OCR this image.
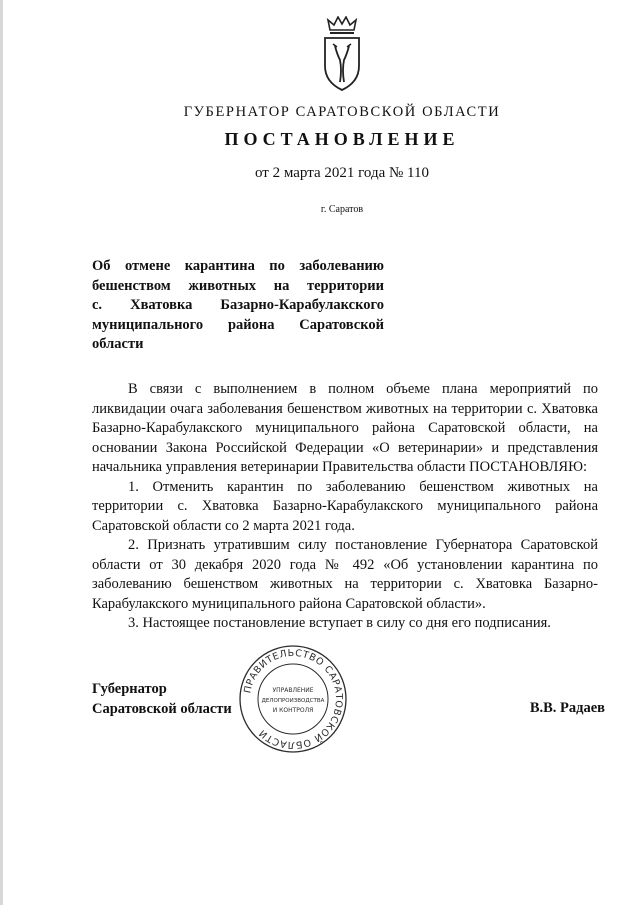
ГУБЕРНАТОР САРАТОВСКОЙ ОБЛАСТИ
ПОСТАНОВЛЕНИЕ
от 2 марта 2021 года № 110
г. Саратов
Об отмене карантина по заболеванию
бешенством животных на территории
с. Хватовка Базарно-Карабулакского
муниципального района Саратовской
области

В связи с выполнением в полном объеме плана мероприятий по ликвидации очага заболевания бешенством животных на территории с. Хватовка Базарно-Карабулакского муниципального района Саратовской области, на основании Закона Российской Федерации «О ветеринарии» и представления начальника управления ветеринарии Правительства области ПОСТАНОВЛЯЮ:

1. Отменить карантин по заболеванию бешенством животных на территории с. Хватовка Базарно-Карабулакского муниципального района Саратовской области со 2 марта 2021 года.

2. Признать утратившим силу постановление Губернатора Саратовской области от 30 декабря 2020 года № 492 «Об установлении карантина по заболеванию бешенством животных на территории с. Хватовка Базарно-Карабулакского муниципального района Саратовской области».

3. Настоящее постановление вступает в силу со дня его подписания.

Губернатор
Саратовской области
ПРАВИТЕЛЬСТВО САРАТОВСКОЙ ОБЛАСТИ
УПРАВЛЕНИЕ
ДЕЛОПРОИЗВОДСТВА
И КОНТРОЛЯ	В.В. Радаев
